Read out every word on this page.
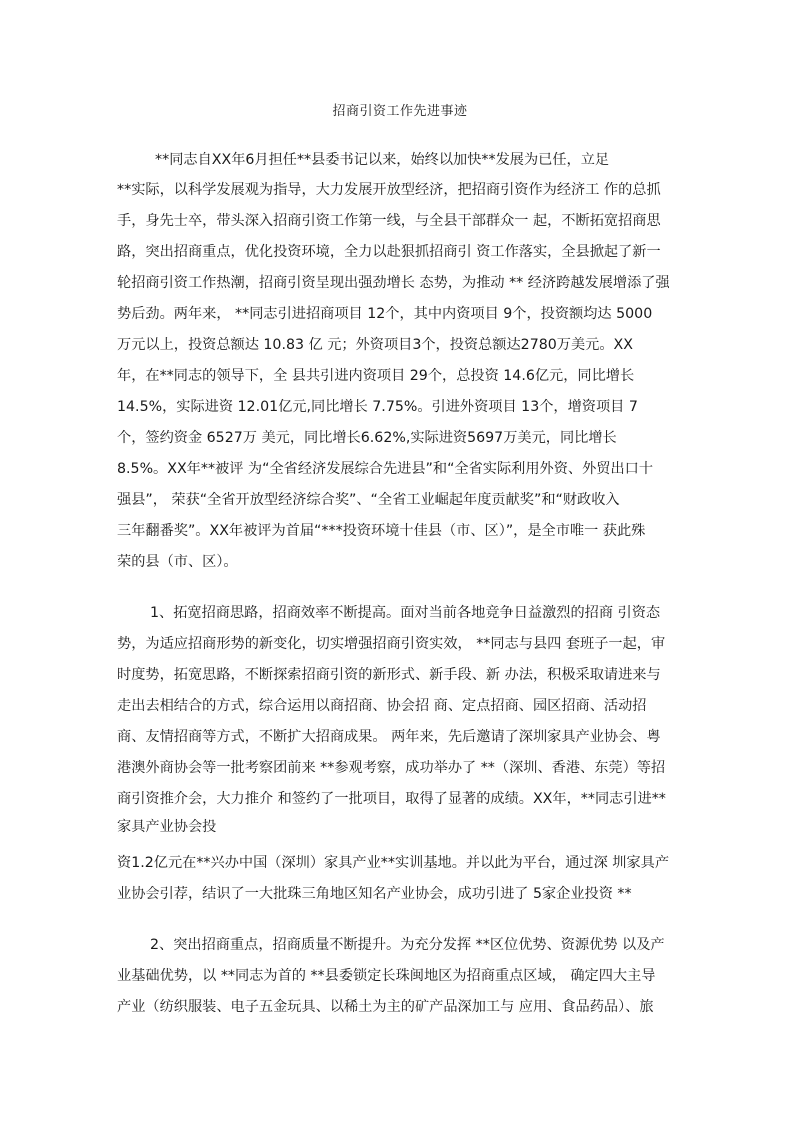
招商引资工作先进事迹
**同志自XX年6月担任**县委书记以来，始终以加快**发展为已任，立足
**实际，以科学发展观为指导，大力发展开放型经济，把招商引资作为经济工 作的总抓
手，身先士卒，带头深入招商引资工作第一线，与全县干部群众一 起，不断拓宽招商思
路，突出招商重点，优化投资环境，全力以赴狠抓招商引 资工作落实，全县掀起了新一
轮招商引资工作热潮，招商引资呈现出强劲增长 态势，为推动 ** 经济跨越发展增添了强
势后劲。两年来， **同志引进招商项目 12个，其中内资项目 9个，投资额均达 5000
万元以上，投资总额达 10.83 亿 元；外资项目3个，投资总额达2780万美元。XX
年，在**同志的领导下，全 县共引进内资项目 29个，总投资 14.6亿元，同比增长
14.5%，实际进资 12.01亿元,同比增长 7.75%。引进外资项目 13个，增资项目 7
个，签约资金 6527万 美元，同比增长6.62%,实际进资5697万美元，同比增长
8.5%。XX年**被评 为“全省经济发展综合先进县”和“全省实际利用外资、外贸出口十
强县”， 荣获“全省开放型经济综合奖”、“全省工业崛起年度贡献奖”和“财政收入
三年翻番奖”。XX年被评为首届“***投资环境十佳县（市、区）”，是全市唯一 获此殊
荣的县（市、区）。
1、拓宽招商思路，招商效率不断提高。面对当前各地竞争日益激烈的招商 引资态
势，为适应招商形势的新变化，切实增强招商引资实效， **同志与县四 套班子一起，审
时度势，拓宽思路，不断探索招商引资的新形式、新手段、新 办法，积极采取请进来与
走出去相结合的方式，综合运用以商招商、协会招 商、定点招商、园区招商、活动招
商、友情招商等方式，不断扩大招商成果。 两年来，先后邀请了深圳家具产业协会、粤
港澳外商协会等一批考察团前来 **参观考察，成功举办了 **（深圳、香港、东莞）等招
商引资推介会，大力推介 和签约了一批项目，取得了显著的成绩。XX年，**同志引进**
家具产业协会投
资1.2亿元在**兴办中国（深圳）家具产业**实训基地。并以此为平台，通过深 圳家具产
业协会引荐，结识了一大批珠三角地区知名产业协会，成功引进了 5家企业投资 **
2、突出招商重点，招商质量不断提升。为充分发挥 **区位优势、资源优势 以及产
业基础优势，以 **同志为首的 **县委锁定长珠闽地区为招商重点区域， 确定四大主导
产业（纺织服装、电子五金玩具、以稀土为主的矿产品深加工与 应用、食品药品）、旅
